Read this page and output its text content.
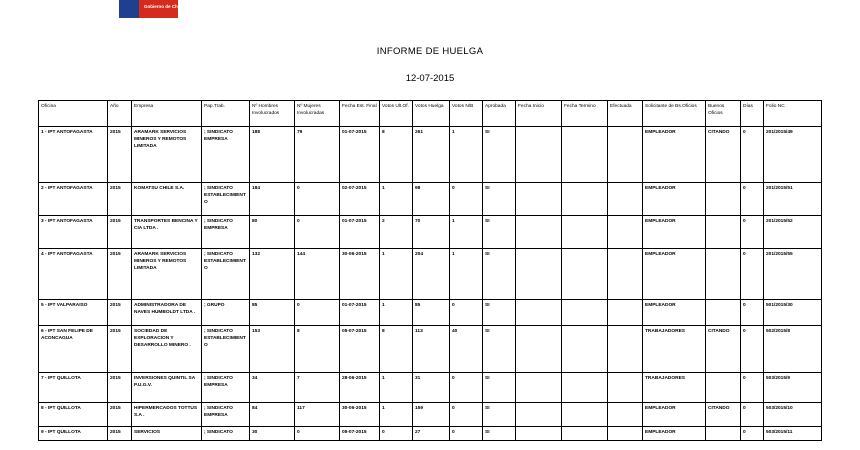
Gobierno de Chile
INFORME DE HUELGA
12-07-2015
Oficina	Año	Empresa	Pap.Trab.	Nº Hombres Involucrados	Nº Mujeres Involucradas	Fecha Est. Final	Votos Ult.Of.	Votos Huelga	Votos N/B	Aprobada	Fecha Inicio	Fecha Termino	Efectuada	Solicitante de Bs.Oficios	Buenos Oficios	Días	Folio NC
1 - IPT ANTOFAGASTA	2015	ARAMARK SERVICIOS MINEROS Y REMOTOS LIMITADA	; SINDICATO EMPRESA	188	79	01-07-2015	8	261	1	SI				EMPLEADOR	CITANDO	0	201/2015/49
2 - IPT ANTOFAGASTA	2015	KOMATSU CHILE S.A.	; SINDICATO ESTABLECIMIENTO	184	0	02-07-2015	1	98	0	SI				EMPLEADOR		0	201/2015/51
3 - IPT ANTOFAGASTA	2015	TRANSPORTES BENCINA Y CIA LTDA .	; SINDICATO EMPRESA	80	0	01-07-2015	2	70	1	SI				EMPLEADOR		0	201/2015/52
4 - IPT ANTOFAGASTA	2015	ARAMARK SERVICIOS MINEROS Y REMOTOS LIMITADA	; SINDICATO ESTABLECIMIENTO	132	144	30-06-2015	1	204	1	SI				EMPLEADOR		0	201/2015/55
5 - IPT VALPARAISO	2015	ADMINISTRADORA DE NAVES HUMBOLDT LTDA .	; GRUPO	85	0	01-07-2015	1	85	0	SI				EMPLEADOR		0	501/2015/30
6 - IPT SAN FELIPE DE ACONCAGUA	2015	SOCIEDAD DE EXPLORACION Y DESARROLLO MINERO .	; SINDICATO ESTABLECIMIENTO	153	8	05-07-2015	8	113	40	SI				TRABAJADORES	CITANDO	0	502/2015/8
7 - IPT QUILLOTA	2015	INVERSIONES QUINTIL SA P.U.G.V.	; SINDICATO EMPRESA	34	7	28-06-2015	1	31	0	SI				TRABAJADORES		0	503/2015/9
8 - IPT QUILLOTA	2015	HIPERMERCADOS TOTTUS S.A .	; SINDICATO EMPRESA	84	117	30-06-2015	1	159	0	SI				EMPLEADOR	CITANDO	0	503/2015/10
9 - IPT QUILLOTA	2015	SERVICIOS	; SINDICATO	30	0	05-07-2015	0	27	0	SI				EMPLEADOR		0	503/2015/11
